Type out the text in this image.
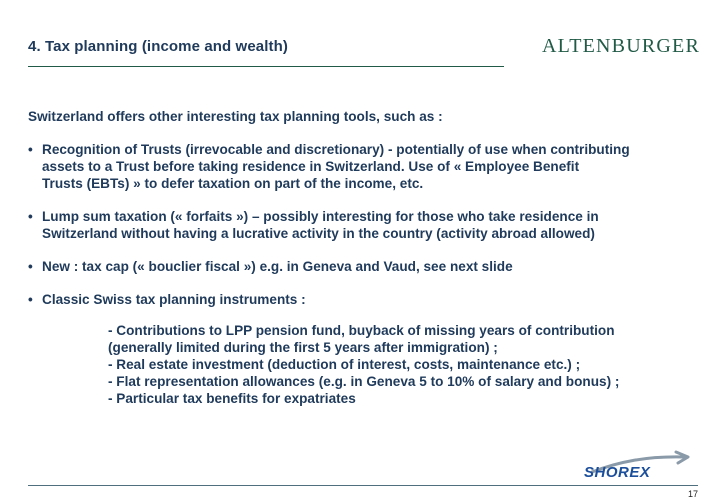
4. Tax planning (income and wealth)	ALTENBURGER

Switzerland offers other interesting tax planning tools, such as :

• Recognition of Trusts (irrevocable and discretionary) - potentially of use when contributing
assets to a Trust before taking residence in Switzerland. Use of « Employee Benefit
Trusts (EBTs) » to defer taxation on part of the income, etc.
• Lump sum taxation (« forfaits ») – possibly interesting for those who take residence in
Switzerland without having a lucrative activity in the country (activity abroad allowed)
• New : tax cap (« bouclier fiscal ») e.g. in Geneva and Vaud, see next slide
• Classic Swiss tax planning instruments :
- Contributions to LPP pension fund, buyback of missing years of contribution
(generally limited during the first 5 years after immigration) ;
- Real estate investment (deduction of interest, costs, maintenance etc.) ;
- Flat representation allowances (e.g. in Geneva 5 to 10% of salary and bonus) ;
- Particular tax benefits for expatriates
SHOREX
17
